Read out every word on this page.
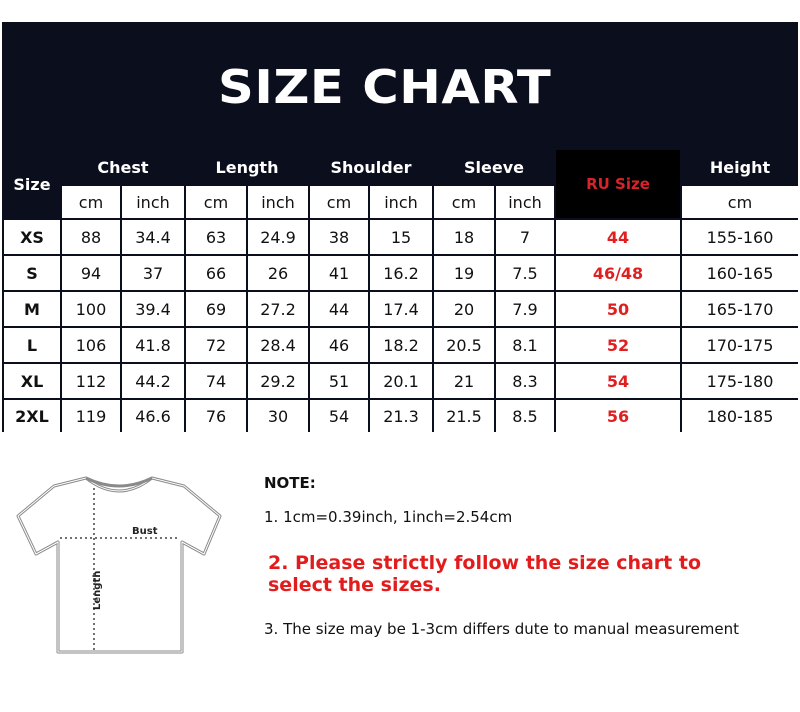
SIZE CHART
Size
Chest	Length	Shoulder	Sleeve
cm	inch	cm	inch	cm	inch	cm	inch
RU Size
Height
cm
XS	88	34.4	63	24.9	38	15	18	7	44	155-160
S	94	37	66	26	41	16.2	19	7.5	46/48	160-165
M	100	39.4	69	27.2	44	17.4	20	7.9	50	165-170
L	106	41.8	72	28.4	46	18.2	20.5	8.1	52	170-175
XL	112	44.2	74	29.2	51	20.1	21	8.3	54	175-180
2XL	119	46.6	76	30	54	21.3	21.5	8.5	56	180-185
Bust
Length
NOTE:
1. 1cm=0.39inch, 1inch=2.54cm
2. Please strictly follow the size chart to select the sizes.
3. The size may be 1-3cm differs dute to manual measurement
